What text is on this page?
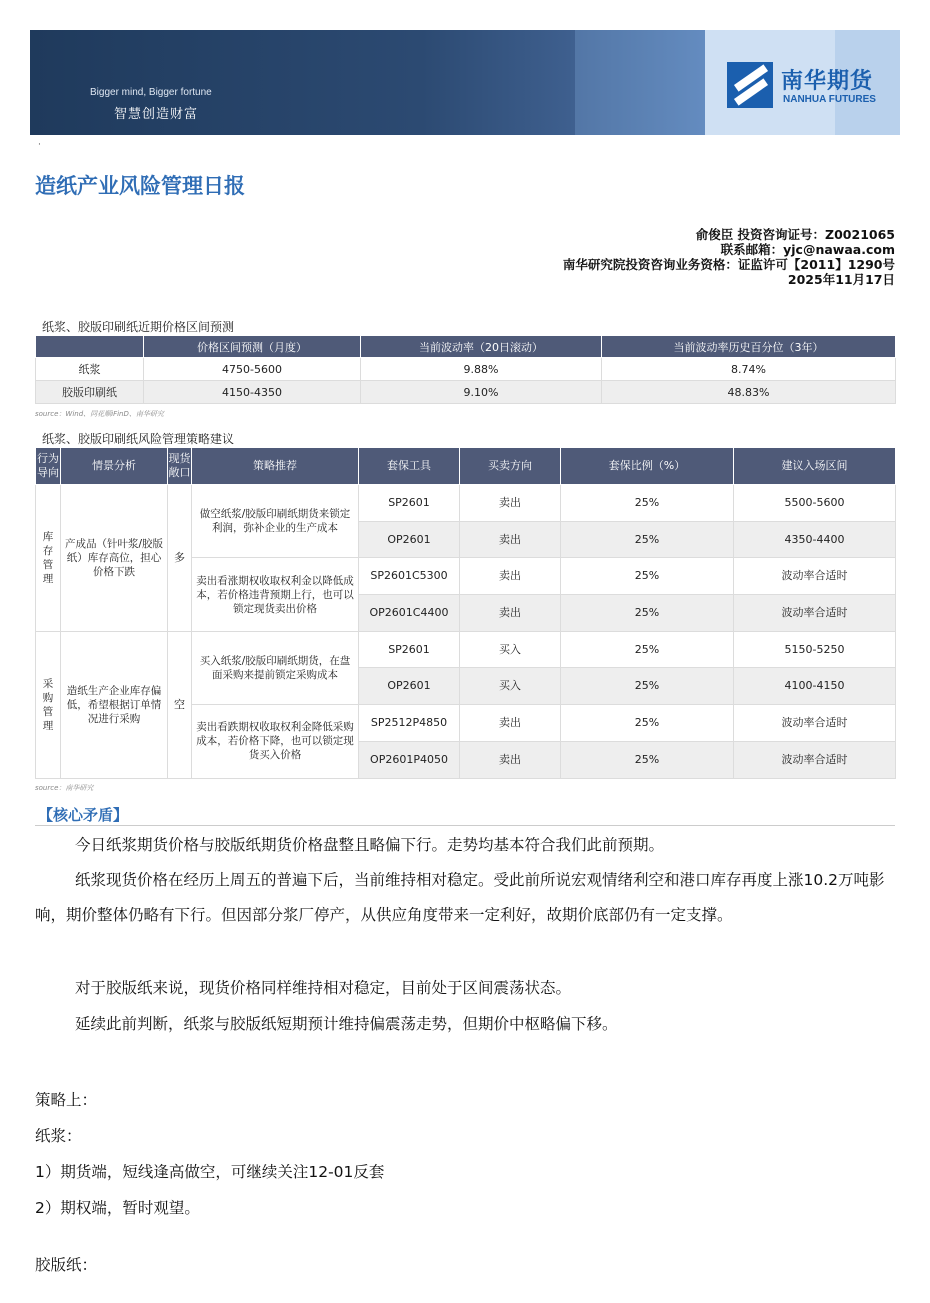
Bigger mind, Bigger fortune
智慧创造财富
南华期货
NANHUA FUTURES
·
造纸产业风险管理日报
俞俊臣 投资咨询证号：Z0021065
联系邮箱：yjc@nawaa.com
南华研究院投资咨询业务资格：证监许可【2011】1290号
2025年11月17日
纸浆、胶版印刷纸近期价格区间预测
	价格区间预测（月度）	当前波动率（20日滚动）	当前波动率历史百分位（3年）
纸浆	4750-5600	9.88%	8.74%
胶版印刷纸	4150-4350	9.10%	48.83%
source：Wind、同花顺iFinD、南华研究
纸浆、胶版印刷纸风险管理策略建议
行为导向	情景分析	现货敞口	策略推荐	套保工具	买卖方向	套保比例（%）	建议入场区间
库存管理	产成品（针叶浆/胶版纸）库存高位，担心价格下跌	多	做空纸浆/胶版印刷纸期货来锁定利润，弥补企业的生产成本	SP2601	卖出	25%	5500-5600
				OP2601	卖出	25%	4350-4400
			卖出看涨期权收取权利金以降低成本，若价格违背预期上行，也可以锁定现货卖出价格	SP2601C5300	卖出	25%	波动率合适时
				OP2601C4400	卖出	25%	波动率合适时
采购管理	造纸生产企业库存偏低，希望根据订单情况进行采购	空	买入纸浆/胶版印刷纸期货，在盘面采购来提前锁定采购成本	SP2601	买入	25%	5150-5250
				OP2601	买入	25%	4100-4150
			卖出看跌期权收取权利金降低采购成本，若价格下降，也可以锁定现货买入价格	SP2512P4850	卖出	25%	波动率合适时
				OP2601P4050	卖出	25%	波动率合适时
source：南华研究
【核心矛盾】
今日纸浆期货价格与胶版纸期货价格盘整且略偏下行。走势均基本符合我们此前预期。
纸浆现货价格在经历上周五的普遍下后，当前维持相对稳定。受此前所说宏观情绪利空和港口库存再度上涨10.2万吨影响，期价整体仍略有下行。但因部分浆厂停产，从供应角度带来一定利好，故期价底部仍有一定支撑。
对于胶版纸来说，现货价格同样维持相对稳定，目前处于区间震荡状态。
延续此前判断，纸浆与胶版纸短期预计维持偏震荡走势，但期价中枢略偏下移。
策略上：
纸浆：
1）期货端，短线逢高做空，可继续关注12-01反套
2）期权端，暂时观望。
胶版纸：
